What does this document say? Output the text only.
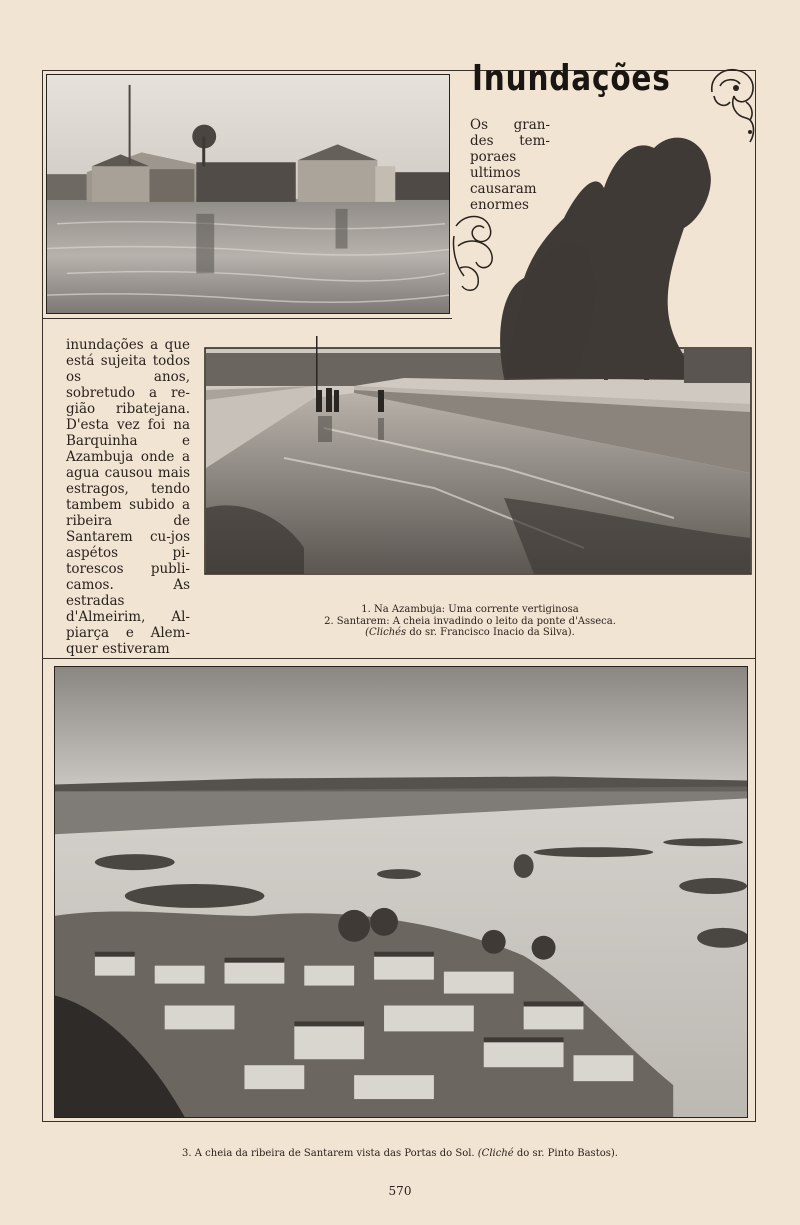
Inundações

Os gran-des tem-poraes ultimos causaram enormes

inundações a que está sujeita todos os anos, sobretudo a re-gião ribatejana. D'esta vez foi na Barquinha e Azambuja onde a agua causou mais estragos, tendo tambem subido a ribeira de Santarem cu-jos aspétos pi-torescos publi-camos. As estradas d'Almeirim, Al-piarça e Alem-quer estiveram

1. Na Azambuja: Uma corrente vertiginosa
2. Santarem: A cheia invadindo o leito da ponte d'Asseca.
(Clichés do sr. Francisco Inacio da Silva).
3. A cheia da ribeira de Santarem vista das Portas do Sol. (Cliché do sr. Pinto Bastos).
570
